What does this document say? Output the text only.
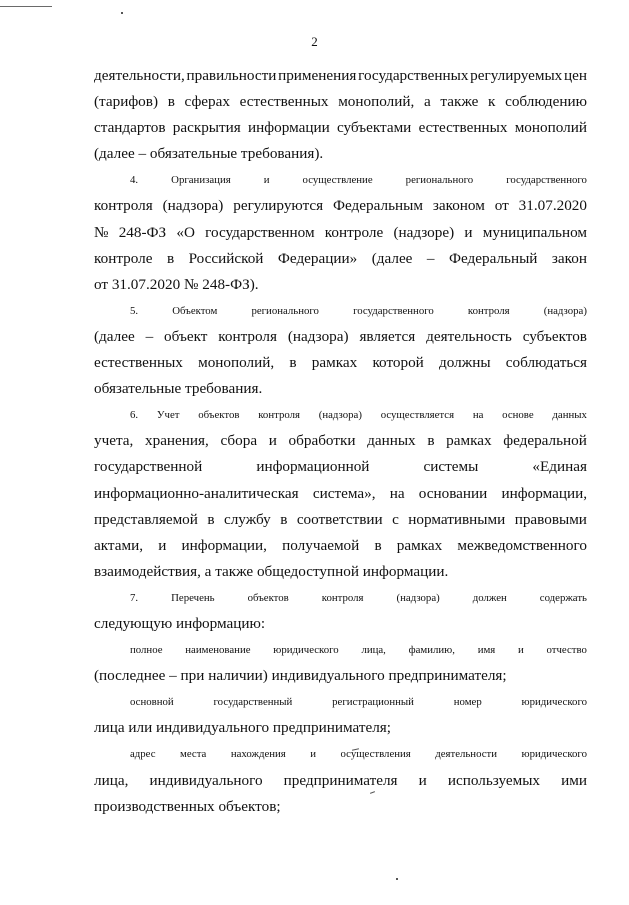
2
деятельности, правильности применения государственных регулируемых цен
(тарифов) в сферах естественных монополий, а также к соблюдению
стандартов раскрытия информации субъектами естественных монополий
(далее – обязательные требования).
4.	Организация	и	осуществление	регионального	государственного
контроля (надзора) регулируются Федеральным законом от 31.07.2020
№ 248-ФЗ «О государственном контроле (надзоре) и муниципальном
контроле в Российской Федерации» (далее – Федеральный закон
от 31.07.2020 № 248-ФЗ).
5.	Объектом	регионального	государственного	контроля	(надзора)
(далее – объект контроля (надзора) является деятельность субъектов
естественных монополий, в рамках которой должны соблюдаться
обязательные требования.
6. Учет объектов контроля (надзора) осуществляется на основе данных
учета, хранения, сбора и обработки данных в рамках федеральной
государственной	информационной	системы	«Единая
информационно-аналитическая система», на основании информации,
представляемой в службу в соответствии с нормативными правовыми
актами, и информации, получаемой в рамках межведомственного
взаимодействия, а также общедоступной информации.
7.	Перечень	объектов	контроля	(надзора)	должен	содержать
следующую информацию:
полное наименование юридического лица, фамилию, имя и отчество
(последнее – при наличии) индивидуального предпринимателя;
основной	государственный	регистрационный	номер	юридического
лица или индивидуального предпринимателя;
адрес места нахождения и осуществления деятельности юридического
лица, индивидуального предпринимателя и используемых ими
производственных объектов;
